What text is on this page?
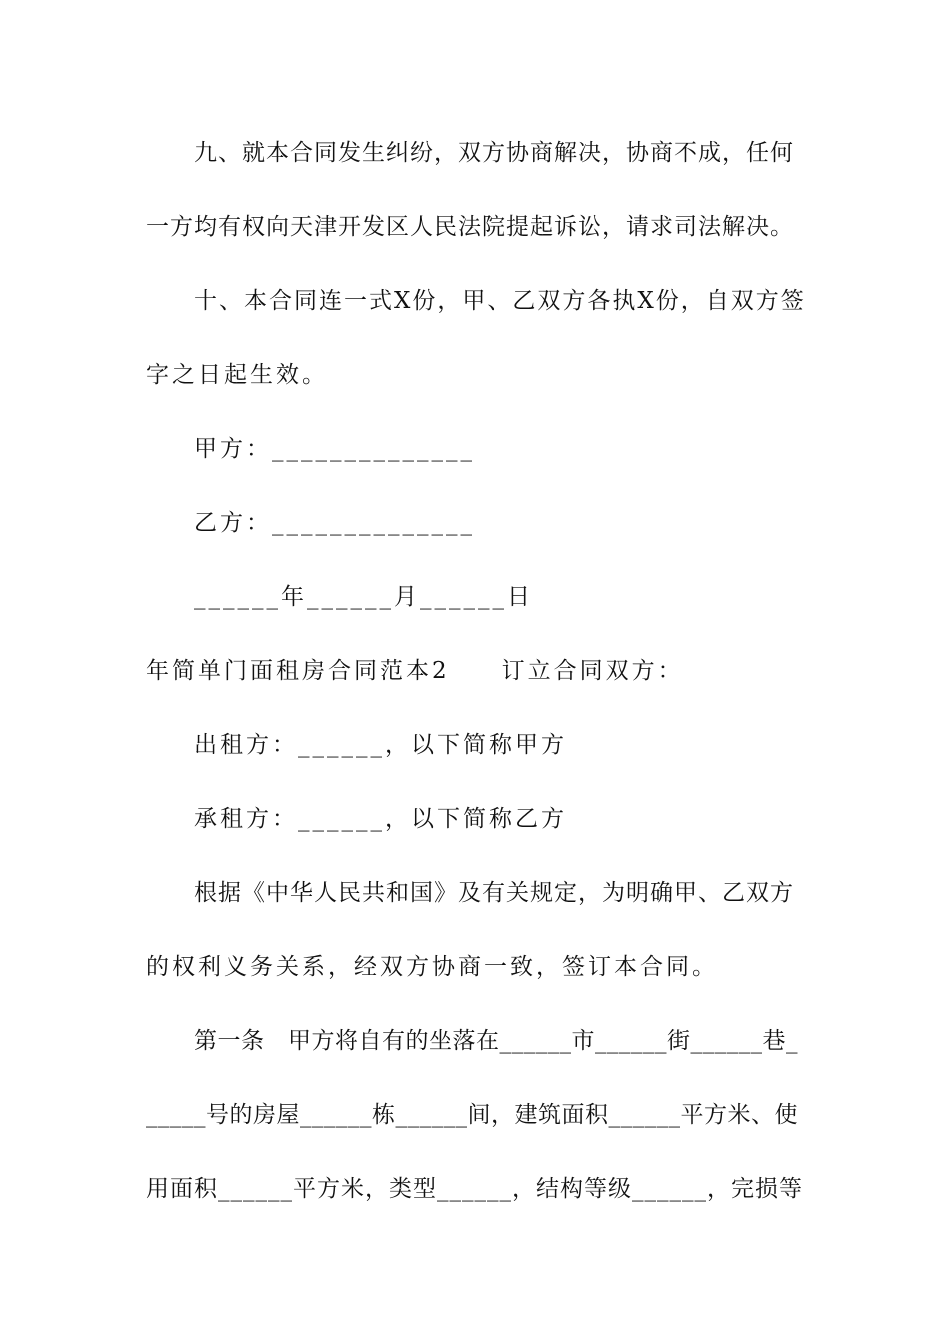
九、就本合同发生纠纷，双方协商解决，协商不成，任何
一方均有权向天津开发区人民法院提起诉讼，请求司法解决。
十、本合同连一式X份，甲、乙双方各执X份，自双方签
字之日起生效。
甲方：______________
乙方：______________
______年______月______日
年简单门面租房合同范本2　　订立合同双方：
出租方：______，以下简称甲方
承租方：______，以下简称乙方
根据《中华人民共和国》及有关规定，为明确甲、乙双方
的权利义务关系，经双方协商一致，签订本合同。
第一条　甲方将自有的坐落在______市______街______巷_
_____号的房屋______栋______间，建筑面积______平方米、使
用面积______平方米，类型______，结构等级______，完损等
